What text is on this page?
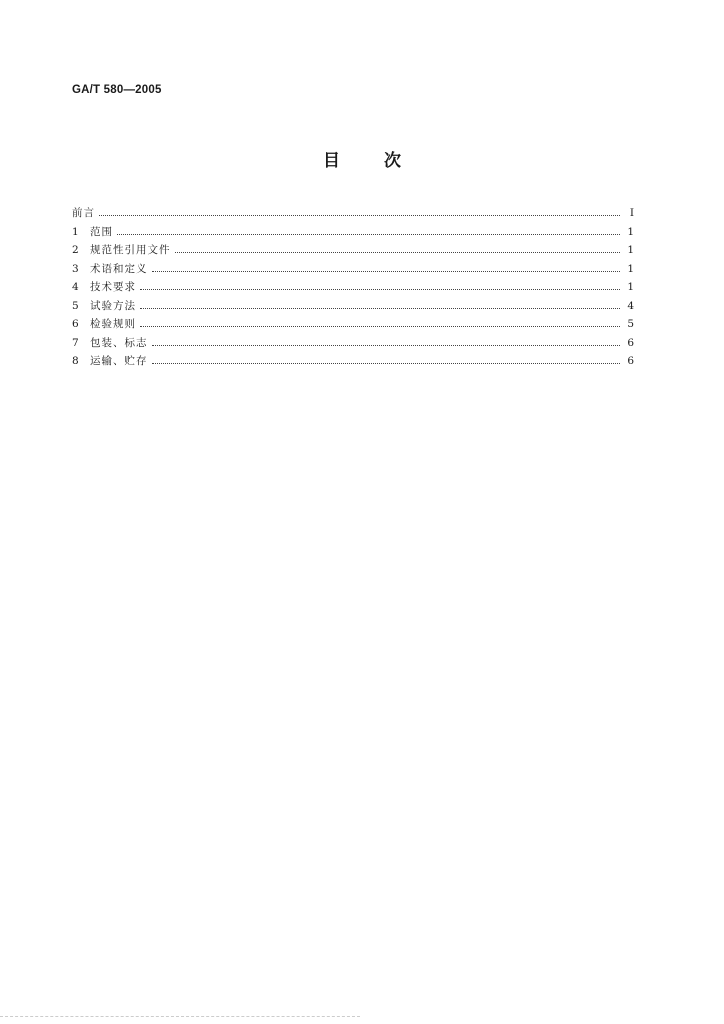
GA/T 580—2005
目	次
前言	I
1	范围	1
2	规范性引用文件	1
3	术语和定义	1
4	技术要求	1
5	试验方法	4
6	检验规则	5
7	包装、标志	6
8	运输、贮存	6
